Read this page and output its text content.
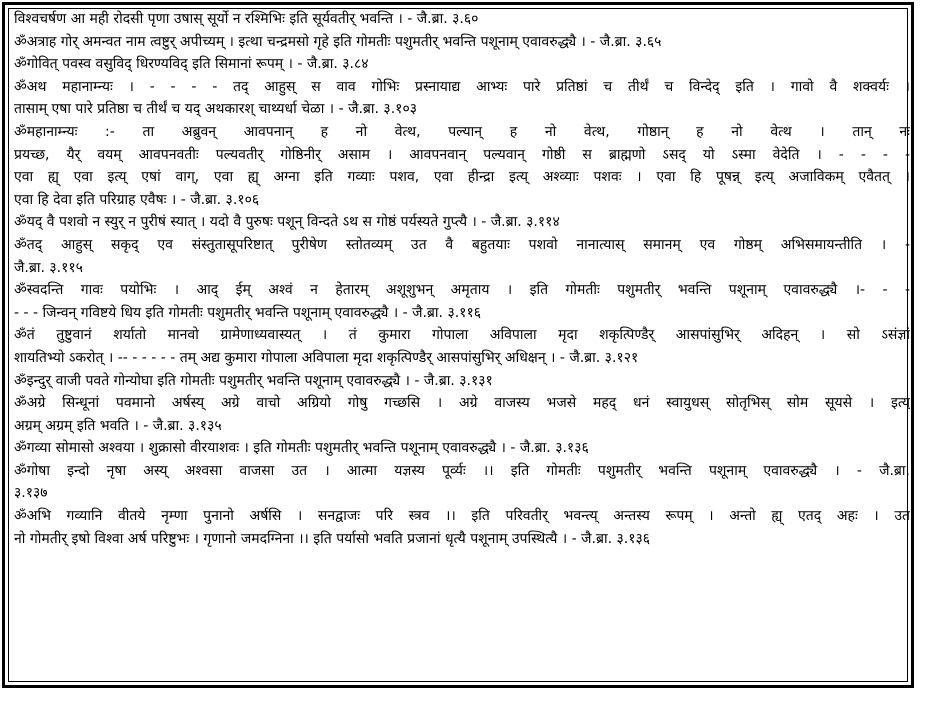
विश्वचर्षण आ मही रोदसी पृणा उषास् सूर्यो न रश्मिभिः इति सूर्यवतीर् भवन्ति । - जै.ब्रा. ३.६०
ॐअत्राह गोर् अमन्वत नाम त्वष्टुर् अपीच्यम् । इत्था चन्द्रमसो गृहे इति गोमतीः पशुमतीर् भवन्ति पशूनाम् एवावरुद्ध्यै । - जै.ब्रा. ३.६५
ॐगोवित् पवस्व वसुविद् धिरण्यविद् इति सिमानां रूपम् । - जै.ब्रा. ३.८४
ॐअथ महानाम्न्यः । - - - - तद् आहुस् स वाव गोभिः प्रस्नायाद्य आभ्यः पारे प्रतिष्ठां च तीर्थं च विन्देद् इति । गावो वै शक्वर्यः ।
तासाम् एषा पारे प्रतिष्ठा च तीर्थं च यद् अथकारश् चाथ्यर्धा चेळा । - जै.ब्रा. ३.१०३
ॐमहानाम्न्यः :- ता अब्रुवन् आवपनान् ह नो वेत्थ, पल्यान् ह नो वेत्थ, गोष्ठान् ह नो वेत्थ । तान् नः
प्रयच्छ, यैर् वयम् आवपनवतीः पल्यवतीर् गोष्ठिनीर् असाम । आवपनवान् पल्यवान् गोष्ठी स ब्राह्मणो ऽसद् यो ऽस्मा वेदेति । - - - -
एवा ह्य् एवा इत्य् एषां वाग्, एवा ह्य् अग्ना इति गव्याः पशव, एवा हीन्द्रा इत्य् अश्व्याः पशवः । एवा हि पूषन्न् इत्य् अजाविकम् एवैतत् ।
एवा हि देवा इति परिग्राह एवैषः । - जै.ब्रा. ३.१०६
ॐयद् वै पशवो न स्युर् न पुरीषं स्यात् । यदो वै पुरुषः पशून् विन्दते ऽथ स गोष्ठं पर्यस्यते गुप्त्यै । - जै.ब्रा. ३.११४
ॐतद् आहुस् सकृद् एव संस्तुतासूपरिष्टात् पुरीषेण स्तोतव्यम् उत वै बहुतयाः पशवो नानात्यास् समानम् एव गोष्ठम् अभिसमायन्तीति । -
जै.ब्रा. ३.११५
ॐस्वदन्ति गावः पयोभिः । आद् ईम् अश्वं न हेतारम् अशूशुभन् अमृताय । इति गोमतीः पशुमतीर् भवन्ति पशूनाम् एवावरुद्ध्यै ।- - -
- - - जिन्वन् गविष्टये धिय इति गोमतीः पशुमतीर् भवन्ति पशूनाम् एवावरुद्ध्यै । - जै.ब्रा. ३.११६
ॐतं तुष्टुवानं शर्यातो मानवो ग्रामेणाध्यवास्यत् । तं कुमारा गोपाला अविपाला मृदा शकृत्पिण्डैर् आसपांसुभिर् अदिहन् । सो ऽसंज्ञां
शायतिभ्यो ऽकरोत् । -- - - - - - तम् अद्य कुमारा गोपाला अविपाला मृदा शकृत्पिण्डैर् आसपांसुभिर् अधिक्षन् । - जै.ब्रा. ३.१२१
ॐइन्दुर् वाजी पवते गोन्योघा इति गोमतीः पशुमतीर् भवन्ति पशूनाम् एवावरुद्ध्यै । - जै.ब्रा. ३.१३१
ॐअग्रे सिन्धूनां पवमानो अर्षस्य् अग्रे वाचो अग्रियो गोषु गच्छसि । अग्रे वाजस्य भजसे महद् धनं स्वायुधस् सोतृभिस् सोम सूयसे । इत्य्
अग्रम् अग्रम् इति भवति । - जै.ब्रा. ३.१३५
ॐगव्या सोमासो अश्वया । शुक्रासो वीरयाशवः । इति गोमतीः पशुमतीर् भवन्ति पशूनाम् एवावरुद्ध्यै । - जै.ब्रा. ३.१३६
ॐगोषा इन्दो नृषा अस्य् अश्वसा वाजसा उत । आत्मा यज्ञस्य पूर्व्यः ।। इति गोमतीः पशुमतीर् भवन्ति पशूनाम् एवावरुद्ध्यै । - जै.ब्रा.
३.१३७
ॐअभि गव्यानि वीतये नृम्णा पुनानो अर्षसि । सनद्वाजः परि स्त्रव ।। इति परिवतीर् भवन्त्य् अन्तस्य रूपम् । अन्तो ह्य् एतद् अहः । उत
नो गोमतीर् इषो विश्वा अर्ष परिष्टुभः । गृणानो जमदग्निना ।। इति पर्यासो भवति प्रजानां धृत्यै पशूनाम् उपस्थित्यै । - जै.ब्रा. ३.१३६
